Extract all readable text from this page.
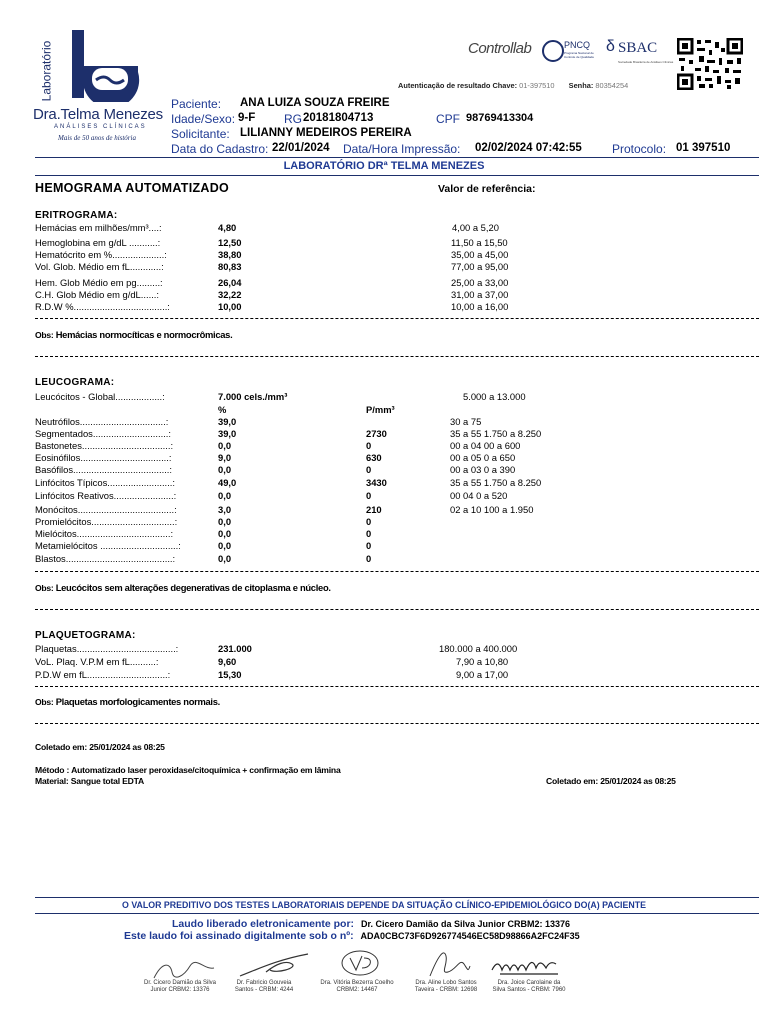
Laboratório
Dra.Telma Menezes
ANÁLISES CLÍNICAS
Mais de 50 anos de história
Controllab	PNCQ
Programa Nacional de Controle de Qualidade
δ SBAC
Sociedade Brasileira de Análises Clínicas
Autenticação de resultado Chave: 01-397510 Senha: 80354254
Paciente: ANA LUIZA SOUZA FREIRE
Idade/Sexo: 9-F RG 20181804713	CPF 98769413304
Solicitante: LILIANNY MEDEIROS PEREIRA
Data do Cadastro: 22/01/2024 Data/Hora Impressão: 02/02/2024 07:42:55	Protocolo: 01 397510
LABORATÓRIO DRª TELMA MENEZES
HEMOGRAMA AUTOMATIZADO	Valor de referência:
ERITROGRAMA:
Hemácias em milhões/mm³....:	4,80	4,00 a 5,20
Hemoglobina em g/dL ...........:	12,50	11,50 a 15,50
Hematócrito em %....................:	38,80	35,00 a 45,00
Vol. Glob. Médio em fL............:	80,83	77,00 a 95,00
Hem. Glob Médio em pg.........:	26,04	25,00 a 33,00
C.H. Glob Médio em g/dL......:	32,22	31,00 a 37,00
R.D.W %....................................:	10,00	10,00 a 16,00
Obs: Hemácias normocíticas e normocrômicas.
LEUCOGRAMA:
Leucócitos - Global..................:	7.000 cels./mm³	5.000 a 13.000
%	P/mm³
Neutrófilos.................................:	39,0	30 a 75
Segmentados.............................:	39,0	2730	35 a 55 1.750 a 8.250
Bastonetes..................................:	0,0	0	00 a 04 00 a 600
Eosinófilos..................................:	9,0	630	00 a 05 0 a 650
Basófilos.....................................:	0,0	0	00 a 03 0 a 390
Linfócitos Típicos.........................:	49,0	3430	35 a 55 1.750 a 8.250
Linfócitos Reativos.......................:	0,0	0	00 04 0 a 520
Monócitos.....................................:	3,0	210	02 a 10 100 a 1.950
Promielócitos................................:	0,0	0
Mielócitos....................................:	0,0	0
Metamielócitos ..............................:	0,0	0
Blastos.........................................:	0,0	0
Obs: Leucócitos sem alterações degenerativas de citoplasma e núcleo.
PLAQUETOGRAMA:
Plaquetas......................................:	231.000	180.000 a 400.000
VoL. Plaq. V.P.M em fL..........:	9,60	7,90 a 10,80
P.D.W em fL...............................:	15,30	9,00 a 17,00
Obs: Plaquetas morfologicamentes normais.
Coletado em: 25/01/2024 as 08:25
Método : Automatizado laser peroxidase/citoquímica + confirmação em lâmina
Material: Sangue total EDTA	Coletado em: 25/01/2024 as 08:25
O VALOR PREDITIVO DOS TESTES LABORATORIAIS DEPENDE DA SITUAÇÃO CLÍNICO-EPIDEMIOLÓGICO DO(A) PACIENTE
Laudo liberado eletronicamente por: Dr. Cicero Damião da Silva Junior CRBM2: 13376
Este laudo foi assinado digitalmente sob o nº: ADA0CBC73F6D926774546EC58D98866A2FC24F35
Dr. Cicero Damião da Silva
Junior CRBM2: 13376
Dr. Fabricio Gouveia
Santos - CRBM: 4244
Dra. Vitória Bezerra Coelho
CRBM2: 14467
Dra. Aline Lobo Santos
Taveira - CRBM: 12698
Dra. Joice Carolaine da
Silva Santos - CRBM: 7960
